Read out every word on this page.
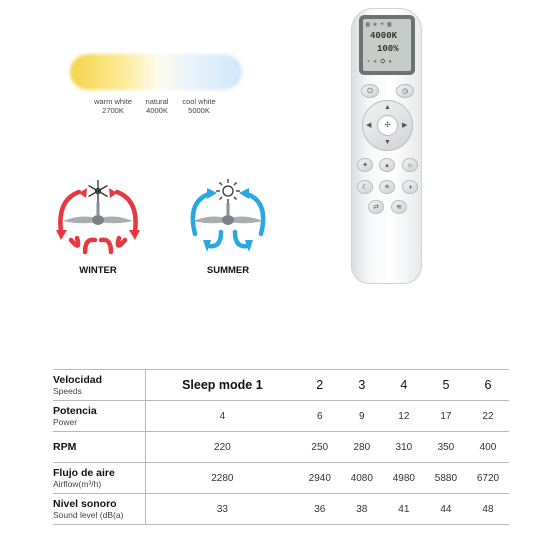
warm white
2700K
natural
4000K
cool white
5000K
WINTER	SUMMER
▤ ✲ ☀ ▥
4000K
100%
◔ ✳ ⛭ ◐
⏻	◷
✣
▲
▼
◀	▶
✦ ▴	☼
☾ ☀	◑
⇄ ≋
Velocidad
Speeds	Sleep mode 1	2	3	4	5	6

Potencia
Power	4	6	9	12	17	22

RPM	220	250	280	310	350	400

Flujo de aire
Airflow(m³/h)	2280	2940	4080	4980	5880	6720

Nivel sonoro
Sound level (dB(a)	33	36	38	41	44	48
